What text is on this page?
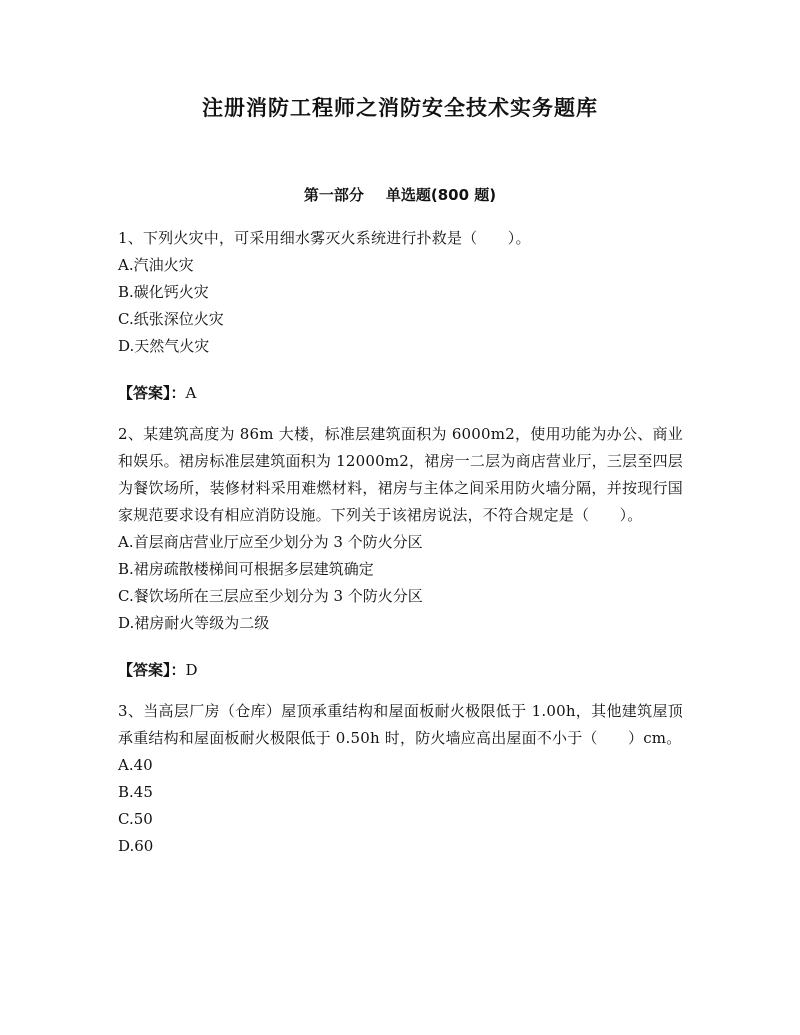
注册消防工程师之消防安全技术实务题库
第一部分 单选题(800 题)
1、下列火灾中，可采用细水雾灭火系统进行扑救是（　　）。
A.汽油火灾
B.碳化钙火灾
C.纸张深位火灾
D.天然气火灾
【答案】：A
2、某建筑高度为 86m 大楼，标准层建筑面积为 6000m2，使用功能为办公、商业和娱乐。裙房标准层建筑面积为 12000m2，裙房一二层为商店营业厅，三层至四层为餐饮场所，装修材料采用难燃材料，裙房与主体之间采用防火墙分隔，并按现行国家规范要求设有相应消防设施。下列关于该裙房说法，不符合规定是（　　）。
A.首层商店营业厅应至少划分为 3 个防火分区
B.裙房疏散楼梯间可根据多层建筑确定
C.餐饮场所在三层应至少划分为 3 个防火分区
D.裙房耐火等级为二级
【答案】：D
3、当高层厂房（仓库）屋顶承重结构和屋面板耐火极限低于 1.00h，其他建筑屋顶承重结构和屋面板耐火极限低于 0.50h 时，防火墙应高出屋面不小于（　　）cm。
A.40
B.45
C.50
D.60
